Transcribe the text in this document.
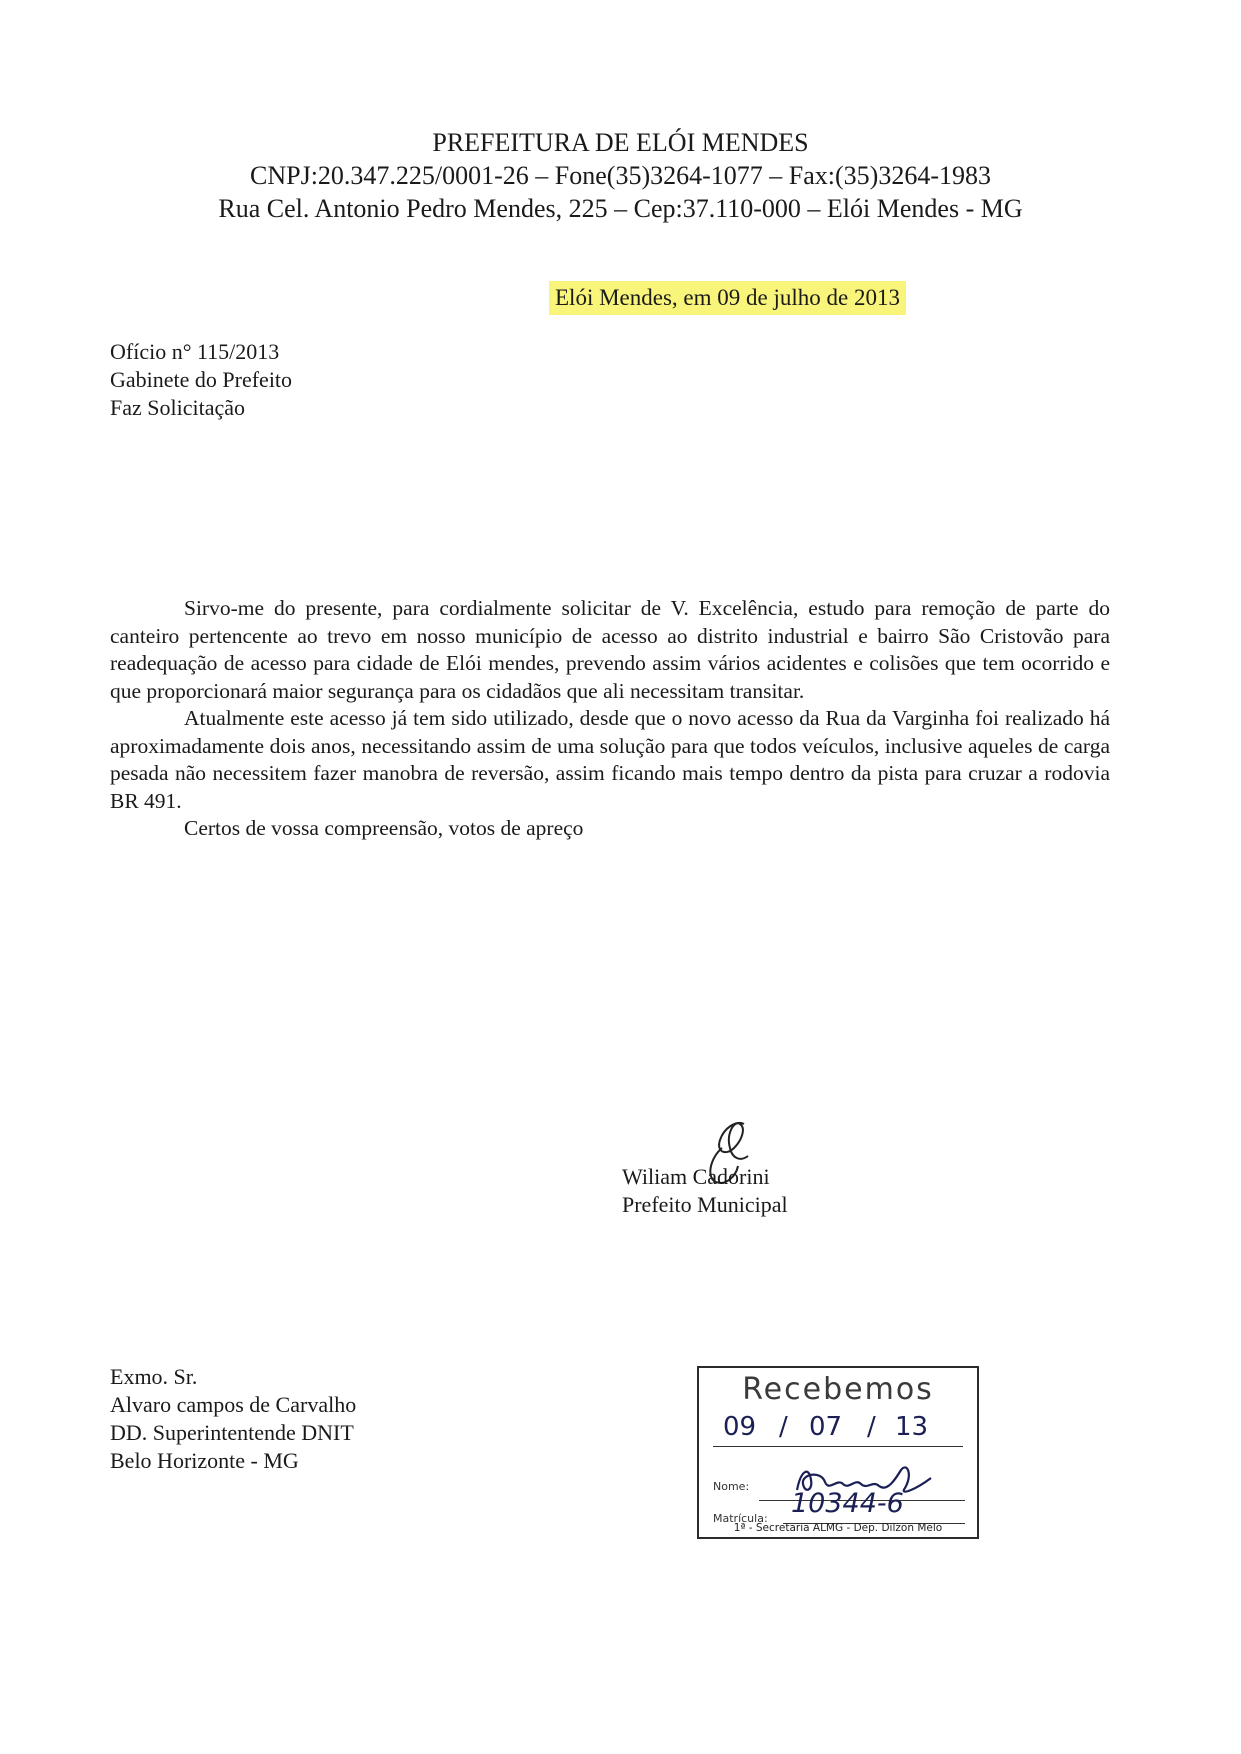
PREFEITURA DE ELÓI MENDES
CNPJ:20.347.225/0001-26 – Fone(35)3264-1077 – Fax:(35)3264-1983
Rua Cel. Antonio Pedro Mendes, 225 – Cep:37.110-000 – Elói Mendes - MG
Elói Mendes, em 09 de julho de 2013
Ofício n° 115/2013
Gabinete do Prefeito
Faz Solicitação

Sirvo-me do presente, para cordialmente solicitar de V. Excelência, estudo para remoção de parte do canteiro pertencente ao trevo em nosso município de acesso ao distrito industrial e bairro São Cristovão para readequação de acesso para cidade de Elói mendes, prevendo assim vários acidentes e colisões que tem ocorrido e que proporcionará maior segurança para os cidadãos que ali necessitam transitar.

Atualmente este acesso já tem sido utilizado, desde que o novo acesso da Rua da Varginha foi realizado há aproximadamente dois anos, necessitando assim de uma solução para que todos veículos, inclusive aqueles de carga pesada não necessitem fazer manobra de reversão, assim ficando mais tempo dentro da pista para cruzar a rodovia BR 491.

Certos de vossa compreensão, votos de apreço

Wiliam Cadorini
Prefeito Municipal
Exmo. Sr.
Alvaro campos de Carvalho
DD. Superintentende DNIT
Belo Horizonte - MG
Recebemos
09 / 07 / 13
Nome:
Matrícula: 10344-6
1ª - Secretaria ALMG - Dep. Dilzon Melo
